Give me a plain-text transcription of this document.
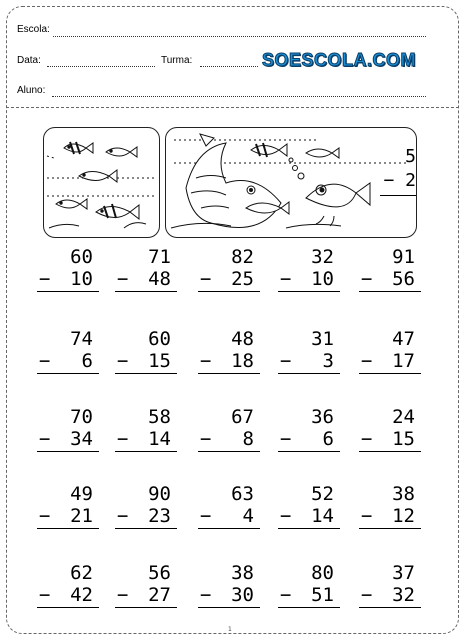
Escola:
Data:	Turma:	SOESCOLA.COM
Aluno:
5
− 2
60
−	10
71
−	48
82
−	25
32
−	10
91
−	56
74
−	6
60
−	15
48
−	18
31
−	3
47
−	17
70
−	34
58
−	14
67
−	8
36
−	6
24
−	15
49
−	21
90
−	23
63
−	4
52
−	14
38
−	12
62
−	42
56
−	27
38
−	30
80
−	51
37
−	32
1
